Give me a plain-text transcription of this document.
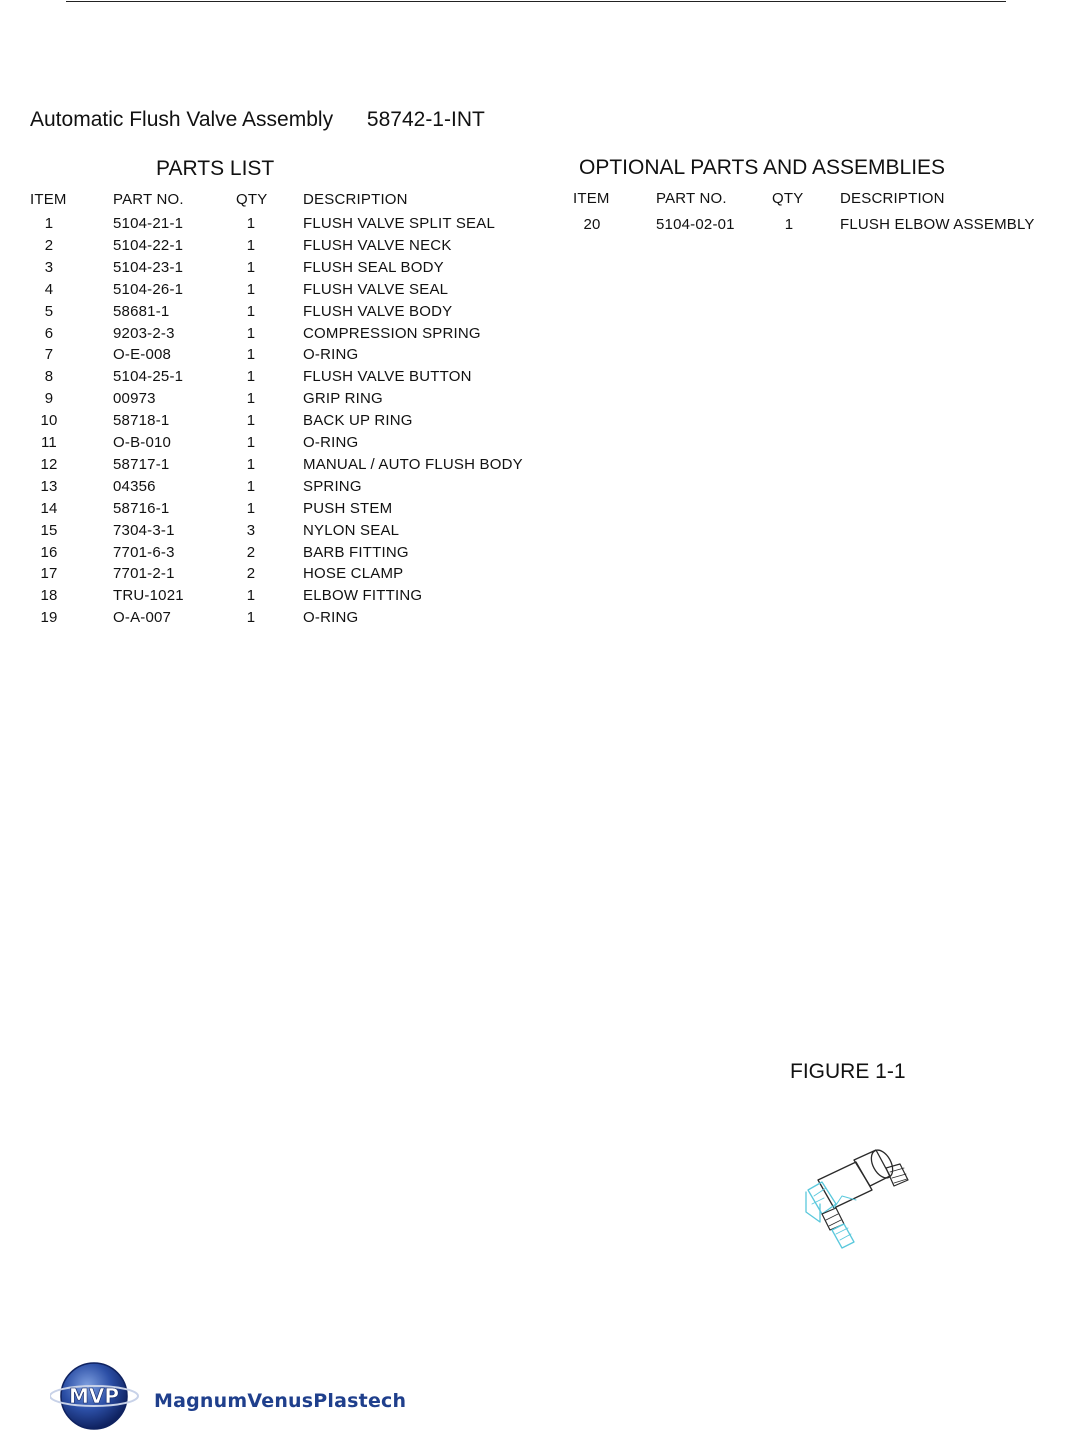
Automatic Flush Valve Assembly 58742-1-INT
PARTS LIST
ITEM	PART NO.	QTY DESCRIPTION
1	5104-21-1	1	FLUSH VALVE SPLIT SEAL
2	5104-22-1	1	FLUSH VALVE NECK
3	5104-23-1	1	FLUSH SEAL BODY
4	5104-26-1	1	FLUSH VALVE SEAL
5	58681-1	1	FLUSH VALVE BODY
6	9203-2-3	1	COMPRESSION SPRING
7	O-E-008	1	O-RING
8	5104-25-1	1	FLUSH VALVE BUTTON
9	00973	1	GRIP RING
10	58718-1	1	BACK UP RING
11	O-B-010	1	O-RING
12	58717-1	1	MANUAL / AUTO FLUSH BODY
13	04356	1	SPRING
14	58716-1	1	PUSH STEM
15	7304-3-1	3	NYLON SEAL
16	7701-6-3	2	BARB FITTING
17	7701-2-1	2	HOSE CLAMP
18	TRU-1021	1	ELBOW FITTING
19	O-A-007	1	O-RING
OPTIONAL PARTS AND ASSEMBLIES
ITEM	PART NO.	QTY DESCRIPTION
20	5104-02-01	1	FLUSH ELBOW ASSEMBLY
FIGURE 1-1
MVP MagnumVenusPlastech
